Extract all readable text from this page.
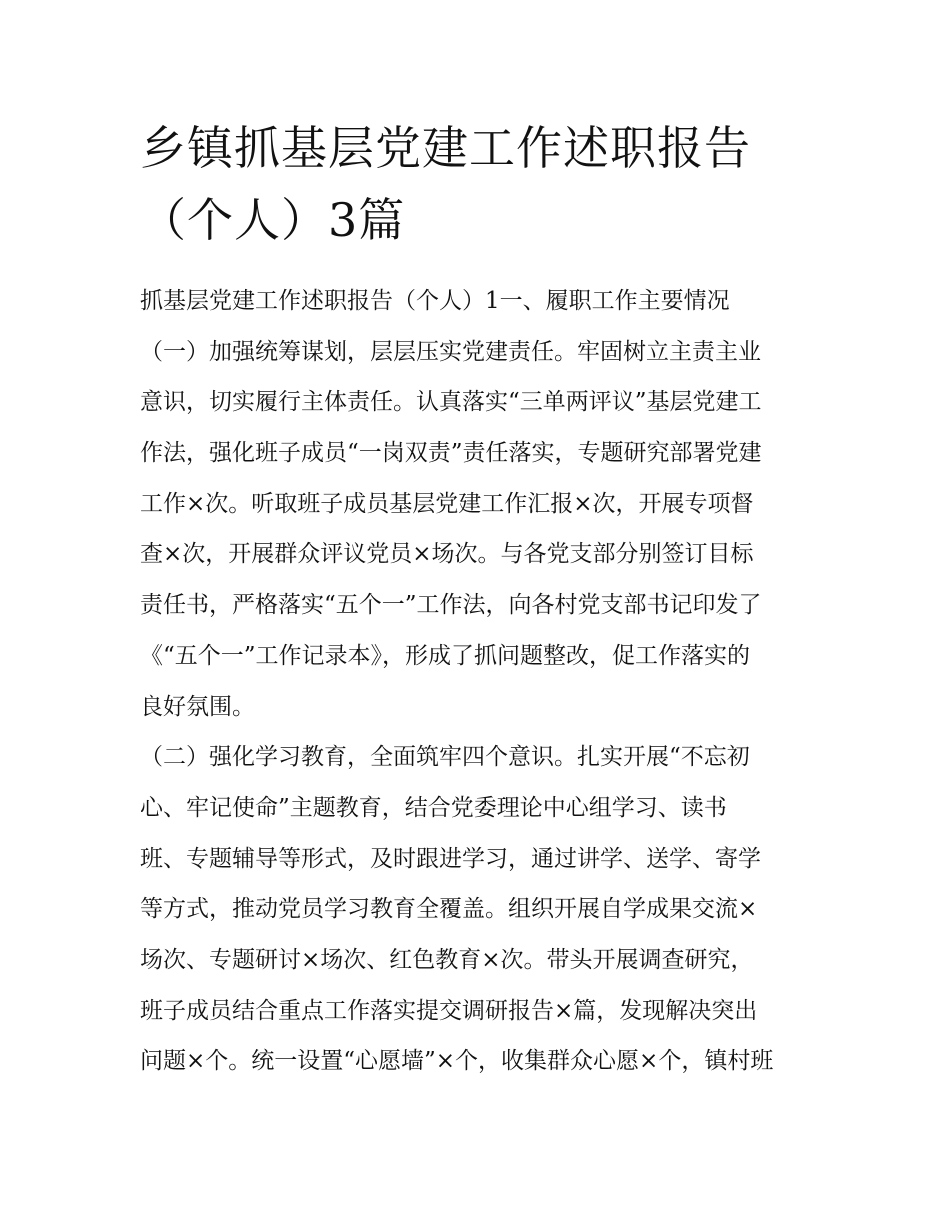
乡镇抓基层党建工作述职报告
（个人）3篇
抓基层党建工作述职报告（个人）1一、履职工作主要情况
（一）加强统筹谋划，层层压实党建责任。牢固树立主责主业
意识，切实履行主体责任。认真落实“三单两评议”基层党建工
作法，强化班子成员“一岗双责”责任落实，专题研究部署党建
工作×次。听取班子成员基层党建工作汇报×次，开展专项督
查×次，开展群众评议党员×场次。与各党支部分别签订目标
责任书，严格落实“五个一”工作法，向各村党支部书记印发了
《“五个一”工作记录本》，形成了抓问题整改，促工作落实的
良好氛围。
（二）强化学习教育，全面筑牢四个意识。扎实开展“不忘初
心、牢记使命”主题教育，结合党委理论中心组学习、读书
班、专题辅导等形式，及时跟进学习，通过讲学、送学、寄学
等方式，推动党员学习教育全覆盖。组织开展自学成果交流×
场次、专题研讨×场次、红色教育×次。带头开展调查研究，
班子成员结合重点工作落实提交调研报告×篇，发现解决突出
问题×个。统一设置“心愿墙”×个，收集群众心愿×个，镇村班
